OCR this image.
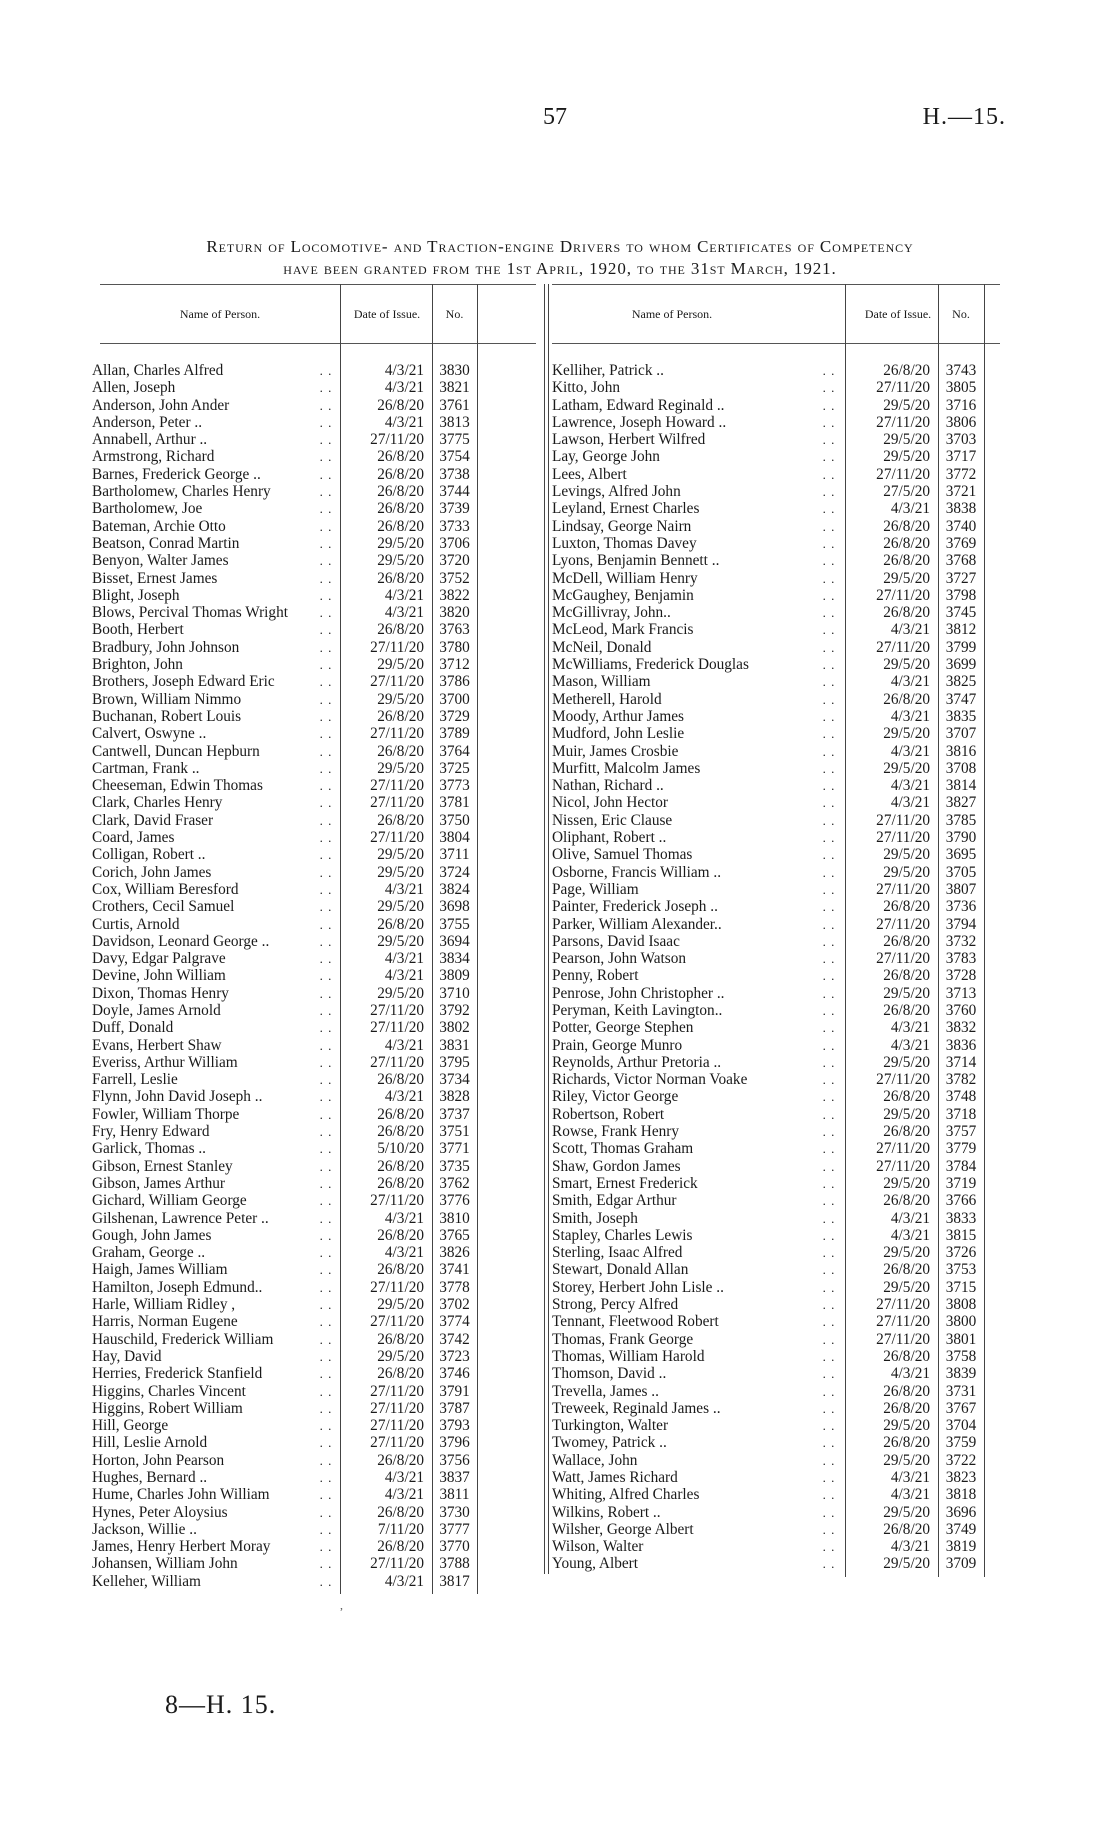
57	H.—15.
Return of Locomotive- and Traction-engine Drivers to whom Certificates of Competency
have been granted from the 1st April, 1920, to the 31st March, 1921.
Name of Person.	Date of Issue.	No.
Allan, Charles Alfred	. .	4/3/21 3830
Allen, Joseph	. .	4/3/21 3821
Anderson, John Ander	. .	26/8/20 3761
Anderson, Peter ..	. .	4/3/21 3813
Annabell, Arthur ..	. .	27/11/20 3775
Armstrong, Richard	. .	26/8/20 3754
Barnes, Frederick George ..	. .	26/8/20 3738
Bartholomew, Charles Henry	. .	26/8/20 3744
Bartholomew, Joe	. .	26/8/20 3739
Bateman, Archie Otto	. .	26/8/20 3733
Beatson, Conrad Martin	. .	29/5/20 3706
Benyon, Walter James	. .	29/5/20 3720
Bisset, Ernest James	. .	26/8/20 3752
Blight, Joseph	. .	4/3/21 3822
Blows, Percival Thomas Wright	. .	4/3/21 3820
Booth, Herbert	. .	26/8/20 3763
Bradbury, John Johnson	. .	27/11/20 3780
Brighton, John	. .	29/5/20 3712
Brothers, Joseph Edward Eric	. .	27/11/20 3786
Brown, William Nimmo	. .	29/5/20 3700
Buchanan, Robert Louis	. .	26/8/20 3729
Calvert, Oswyne ..	. .	27/11/20 3789
Cantwell, Duncan Hepburn	. .	26/8/20 3764
Cartman, Frank ..	. .	29/5/20 3725
Cheeseman, Edwin Thomas	. .	27/11/20 3773
Clark, Charles Henry	. .	27/11/20 3781
Clark, David Fraser	. .	26/8/20 3750
Coard, James	. .	27/11/20 3804
Colligan, Robert ..	. .	29/5/20	3711
Corich, John James	. .	29/5/20 3724
Cox, William Beresford	. .	4/3/21 3824
Crothers, Cecil Samuel	. .	29/5/20 3698
Curtis, Arnold	. .	26/8/20 3755
Davidson, Leonard George ..	. .	29/5/20 3694
Davy, Edgar Palgrave	. .	4/3/21 3834
Devine, John William	. .	4/3/21 3809
Dixon, Thomas Henry	. .	29/5/20 3710
Doyle, James Arnold	. .	27/11/20 3792
Duff, Donald	. .	27/11/20 3802
Evans, Herbert Shaw	. .	4/3/21 3831
Everiss, Arthur William	. .	27/11/20 3795
Farrell, Leslie	. .	26/8/20 3734
Flynn, John David Joseph ..	. .	4/3/21 3828
Fowler, William Thorpe	. .	26/8/20 3737
Fry, Henry Edward	. .	26/8/20 3751
Garlick, Thomas ..	. .	5/10/20 3771
Gibson, Ernest Stanley	. .	26/8/20 3735
Gibson, James Arthur	. .	26/8/20 3762
Gichard, William George	. .	27/11/20 3776
Gilshenan, Lawrence Peter ..	. .	4/3/21 3810
Gough, John James	. .	26/8/20 3765
Graham, George ..	. .	4/3/21 3826
Haigh, James William	. .	26/8/20 3741
Hamilton, Joseph Edmund..	. .	27/11/20 3778
Harle, William Ridley ,	. .	29/5/20 3702
Harris, Norman Eugene	. .	27/11/20 3774
Hauschild, Frederick William	. .	26/8/20 3742
Hay, David	. .	29/5/20 3723
Herries, Frederick Stanfield	. .	26/8/20 3746
Higgins, Charles Vincent	. .	27/11/20 3791
Higgins, Robert William	. .	27/11/20 3787
Hill, George	. .	27/11/20 3793
Hill, Leslie Arnold	. .	27/11/20 3796
Horton, John Pearson	. .	26/8/20 3756
Hughes, Bernard ..	. .	4/3/21 3837
Hume, Charles John William	. .	4/3/21	3811
Hynes, Peter Aloysius	. .	26/8/20 3730
Jackson, Willie ..	. .	7/11/20 3777
James, Henry Herbert Moray	. .	26/8/20 3770
Johansen, William John	. .	27/11/20 3788
Kelleher, William	. .	4/3/21 3817
Name of Person.	Date of Issue.	No.
Kelliher, Patrick ..	. .	26/8/20	3743
Kitto, John	. .	27/11/20	3805
Latham, Edward Reginald ..	. .	29/5/20	3716
Lawrence, Joseph Howard ..	. .	27/11/20	3806
Lawson, Herbert Wilfred	. .	29/5/20	3703
Lay, George John	. .	29/5/20	3717
Lees, Albert	. .	27/11/20	3772
Levings, Alfred John	. .	27/5/20	3721
Leyland, Ernest Charles	. .	4/3/21	3838
Lindsay, George Nairn	. .	26/8/20	3740
Luxton, Thomas Davey	. .	26/8/20	3769
Lyons, Benjamin Bennett ..	. .	26/8/20	3768
McDell, William Henry	. .	29/5/20	3727
McGaughey, Benjamin	. .	27/11/20	3798
McGillivray, John..	. .	26/8/20	3745
McLeod, Mark Francis	. .	4/3/21	3812
McNeil, Donald	. .	27/11/20	3799
McWilliams, Frederick Douglas	. .	29/5/20	3699
Mason, William	. .	4/3/21	3825
Metherell, Harold	. .	26/8/20	3747
Moody, Arthur James	. .	4/3/21	3835
Mudford, John Leslie	. .	29/5/20	3707
Muir, James Crosbie	. .	4/3/21	3816
Murfitt, Malcolm James	. .	29/5/20	3708
Nathan, Richard ..	. .	4/3/21	3814
Nicol, John Hector	. .	4/3/21	3827
Nissen, Eric Clause	. .	27/11/20	3785
Oliphant, Robert ..	. .	27/11/20	3790
Olive, Samuel Thomas	. .	29/5/20	3695
Osborne, Francis William ..	. .	29/5/20	3705
Page, William	. .	27/11/20	3807
Painter, Frederick Joseph ..	. .	26/8/20	3736
Parker, William Alexander..	. .	27/11/20	3794
Parsons, David Isaac	. .	26/8/20	3732
Pearson, John Watson	. .	27/11/20	3783
Penny, Robert	. .	26/8/20	3728
Penrose, John Christopher ..	. .	29/5/20	3713
Peryman, Keith Lavington..	. .	26/8/20	3760
Potter, George Stephen	. .	4/3/21	3832
Prain, George Munro	. .	4/3/21	3836
Reynolds, Arthur Pretoria ..	. .	29/5/20	3714
Richards, Victor Norman Voake	. .	27/11/20	3782
Riley, Victor George	. .	26/8/20	3748
Robertson, Robert	. .	29/5/20	3718
Rowse, Frank Henry	. .	26/8/20	3757
Scott, Thomas Graham	. .	27/11/20	3779
Shaw, Gordon James	. .	27/11/20	3784
Smart, Ernest Frederick	. .	29/5/20	3719
Smith, Edgar Arthur	. .	26/8/20	3766
Smith, Joseph	. .	4/3/21	3833
Stapley, Charles Lewis	. .	4/3/21	3815
Sterling, Isaac Alfred	. .	29/5/20	3726
Stewart, Donald Allan	. .	26/8/20	3753
Storey, Herbert John Lisle ..	. .	29/5/20	3715
Strong, Percy Alfred	. .	27/11/20	3808
Tennant, Fleetwood Robert	. .	27/11/20	3800
Thomas, Frank George	. .	27/11/20	3801
Thomas, William Harold	. .	26/8/20	3758
Thomson, David ..	. .	4/3/21	3839
Trevella, James ..	. .	26/8/20	3731
Treweek, Reginald James ..	. .	26/8/20	3767
Turkington, Walter	. .	29/5/20	3704
Twomey, Patrick ..	. .	26/8/20	3759
Wallace, John	. .	29/5/20	3722
Watt, James Richard	. .	4/3/21	3823
Whiting, Alfred Charles	. .	4/3/21	3818
Wilkins, Robert ..	. .	29/5/20	3696
Wilsher, George Albert	. .	26/8/20	3749
Wilson, Walter	. .	4/3/21	3819
Young, Albert	. .	29/5/20	3709
8—H. 15.
,
